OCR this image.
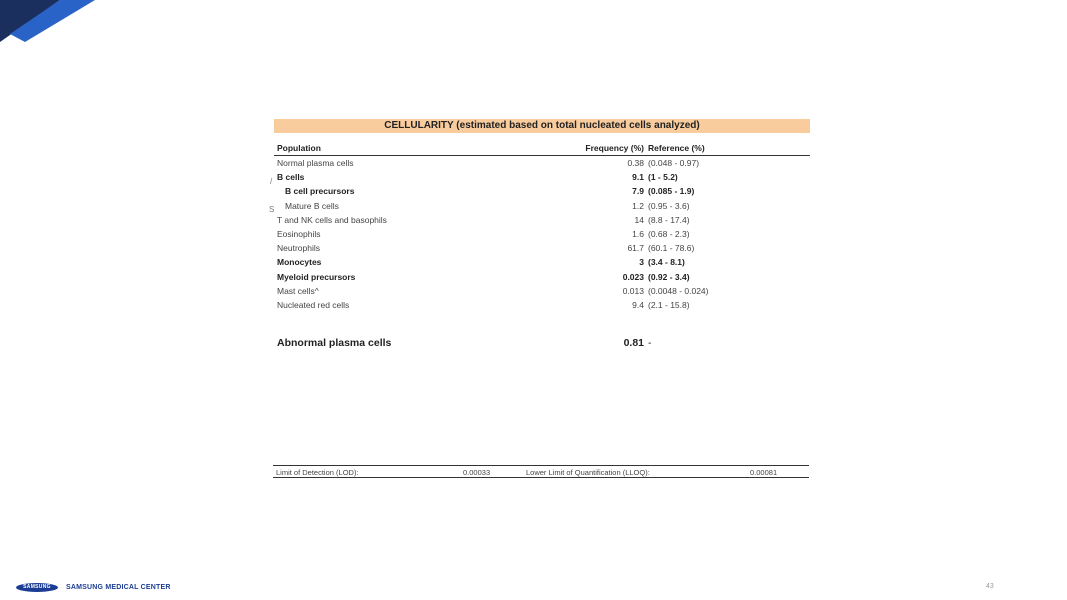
CELLULARITY (estimated based on total nucleated cells analyzed)
Population	Frequency (%) Reference (%)
Normal plasma cells	0.38 (0.048 - 0.97)
B cells	9.1 (1 - 5.2)
B cell precursors	7.9 (0.085 - 1.9)
Mature B cells	1.2 (0.95 - 3.6)
T and NK cells and basophils	14 (8.8 - 17.4)
Eosinophils	1.6 (0.68 - 2.3)
Neutrophils	61.7 (60.1 - 78.6)
Monocytes	3 (3.4 - 8.1)
Myeloid precursors	0.023 (0.92 - 3.4)
Mast cells^	0.013 (0.0048 - 0.024)
Nucleated red cells	9.4 (2.1 - 15.8)
Abnormal plasma cells	0.81 -
/
S
Limit of Detection (LOD):	0.00033	Lower Limit of Quantification (LLOQ):	0.00081
SAMSUNG	SAMSUNG MEDICAL CENTER	43
